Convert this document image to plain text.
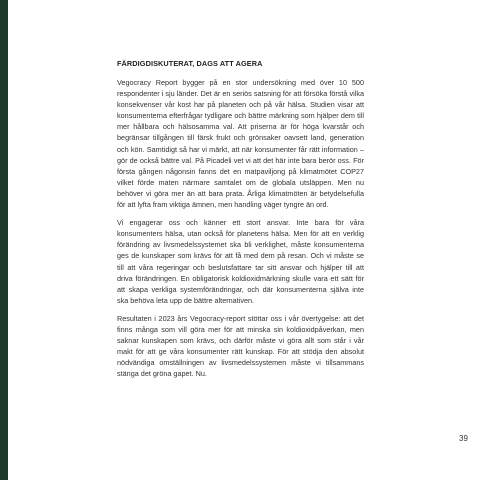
FÄRDIGDISKUTERAT, DAGS ATT AGERA

Vegocracy Report bygger på en stor undersökning med över 10 500 respondenter i sju länder. Det är en seriös satsning för att försöka förstå vilka konsekvenser vår kost har på planeten och på vår hälsa. Studien visar att konsumenterna efterfrågar tydligare och bättre märkning som hjälper dem till mer hållbara och hälsosamma val. Att priserna är för höga kvarstår och begränsar tillgången till färsk frukt och grönsaker oavsett land, generation och kön. Samtidigt så har vi märkt, att när konsumenter får rätt information – gör de också bättre val. På Picadeli vet vi att det här inte bara berör oss. För första gången någonsin fanns det en matpaviljong på klimatmötet COP27 vilket förde maten närmare samtalet om de globala utsläppen. Men nu behöver vi göra mer än att bara prata. Årliga klimatmöten är betydelsefulla för att lyfta fram viktiga ämnen, men handling väger tyngre än ord.

Vi engagerar oss och känner ett stort ansvar. Inte bara för våra konsumenters hälsa, utan också för planetens hälsa. Men för att en verklig förändring av livsmedelssystemet ska bli verklighet, måste konsumenterna ges de kunskaper som krävs för att få med dem på resan. Och vi måste se till att våra regeringar och beslutsfattare tar sitt ansvar och hjälper till att driva förändringen. En obligatorisk koldioxidmärkning skulle vara ett sätt för att skapa verkliga systemförändringar, och där konsumenterna själva inte ska behöva leta upp de bättre alternativen.

Resultaten i 2023 års Vegocracy-report stöttar oss i vår övertygelse: att det finns många som vill göra mer för att minska sin koldioxidpåverkan, men saknar kunskapen som krävs, och därför måste vi göra allt som står i vår makt för att ge våra konsumenter rätt kunskap. För att stödja den absolut nödvändiga omställningen av livsmedelssystemen måste vi tillsammans stänga det gröna gapet. Nu.

39
